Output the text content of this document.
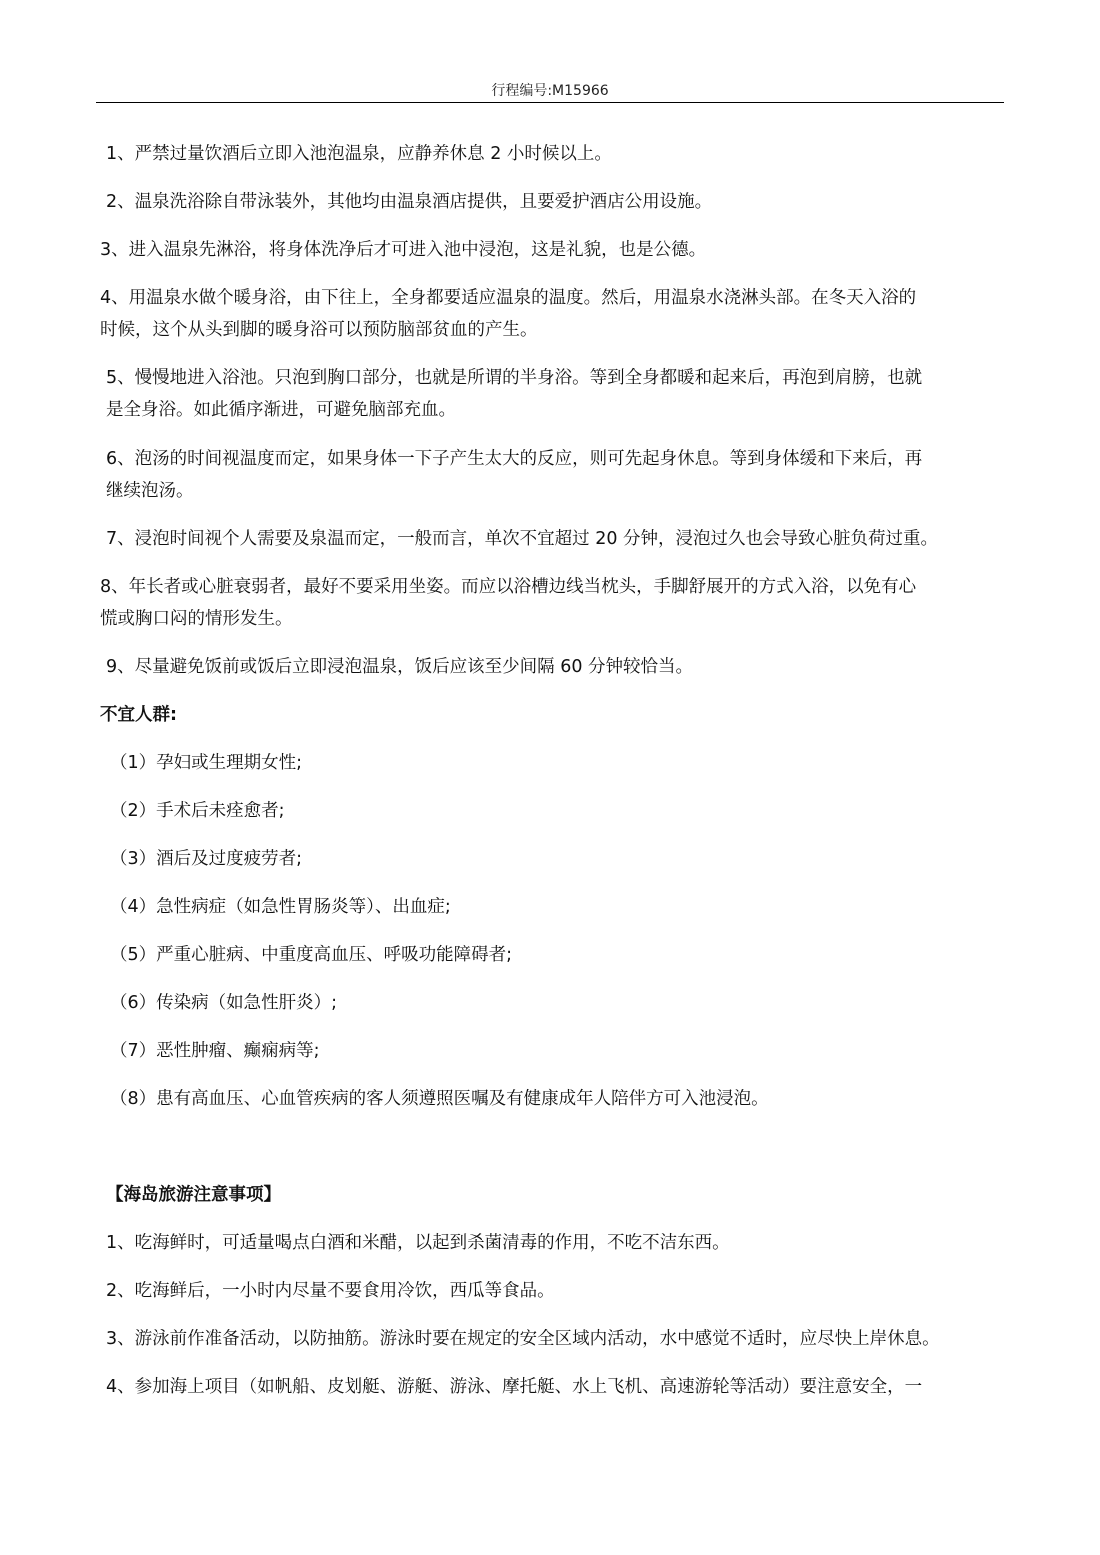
行程编号:M15966
1、严禁过量饮酒后立即入池泡温泉，应静养休息 2 小时候以上。
2、温泉洗浴除自带泳装外，其他均由温泉酒店提供，且要爱护酒店公用设施。
3、进入温泉先淋浴，将身体洗净后才可进入池中浸泡，这是礼貌，也是公德。
4、用温泉水做个暖身浴，由下往上，全身都要适应温泉的温度。然后，用温泉水浇淋头部。在冬天入浴的
时候，这个从头到脚的暖身浴可以预防脑部贫血的产生。
5、慢慢地进入浴池。只泡到胸口部分，也就是所谓的半身浴。等到全身都暖和起来后，再泡到肩膀，也就
是全身浴。如此循序渐进，可避免脑部充血。
6、泡汤的时间视温度而定，如果身体一下子产生太大的反应，则可先起身休息。等到身体缓和下来后，再
继续泡汤。
7、浸泡时间视个人需要及泉温而定，一般而言，单次不宜超过 20 分钟，浸泡过久也会导致心脏负荷过重。
8、年长者或心脏衰弱者，最好不要采用坐姿。而应以浴槽边线当枕头，手脚舒展开的方式入浴，以免有心
慌或胸口闷的情形发生。
9、尽量避免饭前或饭后立即浸泡温泉，饭后应该至少间隔 60 分钟较恰当。
不宜人群:
（1）孕妇或生理期女性;
（2）手术后未痊愈者;
（3）酒后及过度疲劳者;
（4）急性病症（如急性胃肠炎等）、出血症;
（5）严重心脏病、中重度高血压、呼吸功能障碍者;
（6）传染病（如急性肝炎）;
（7）恶性肿瘤、癫痫病等;
（8）患有高血压、心血管疾病的客人须遵照医嘱及有健康成年人陪伴方可入池浸泡。
【海岛旅游注意事项】
1、吃海鲜时，可适量喝点白酒和米醋，以起到杀菌清毒的作用，不吃不洁东西。
2、吃海鲜后，一小时内尽量不要食用冷饮，西瓜等食品。
3、游泳前作准备活动，以防抽筋。游泳时要在规定的安全区域内活动，水中感觉不适时，应尽快上岸休息。
4、参加海上项目（如帆船、皮划艇、游艇、游泳、摩托艇、水上飞机、高速游轮等活动）要注意安全，一
